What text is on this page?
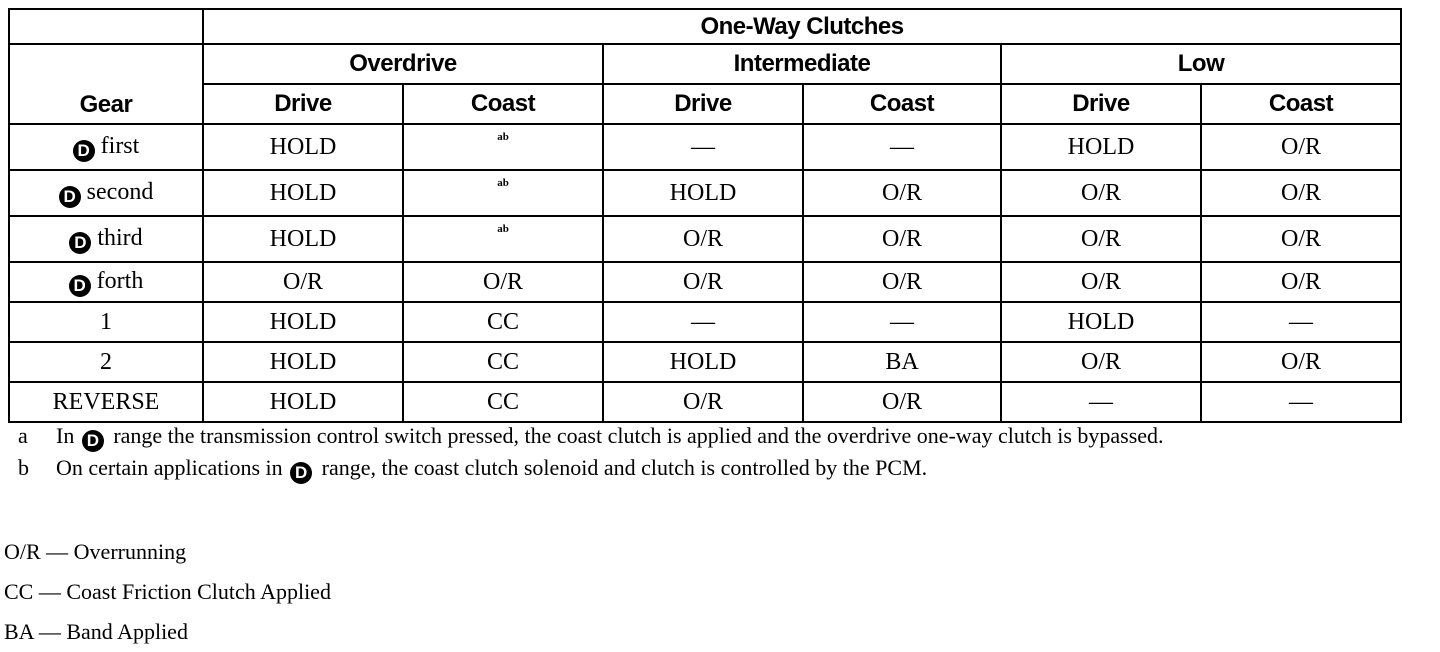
	One-Way Clutches					
Gear	Overdrive		Intermediate		Low	
	Drive	Coast	Drive	Coast	Drive	Coast
D first	HOLD	ab	—	—	HOLD	O/R
D second	HOLD	ab	HOLD	O/R	O/R	O/R
D third	HOLD	ab	O/R	O/R	O/R	O/R
D forth	O/R	O/R	O/R	O/R	O/R	O/R
1	HOLD	CC	—	—	HOLD	—
2	HOLD	CC	HOLD	BA	O/R	O/R
REVERSE	HOLD	CC	O/R	O/R	—	—
a	In D range the transmission control switch pressed, the coast clutch is applied and the overdrive one-way clutch is bypassed.
b	On certain applications in D range, the coast clutch solenoid and clutch is controlled by the PCM.
O/R — Overrunning
CC — Coast Friction Clutch Applied
BA — Band Applied
